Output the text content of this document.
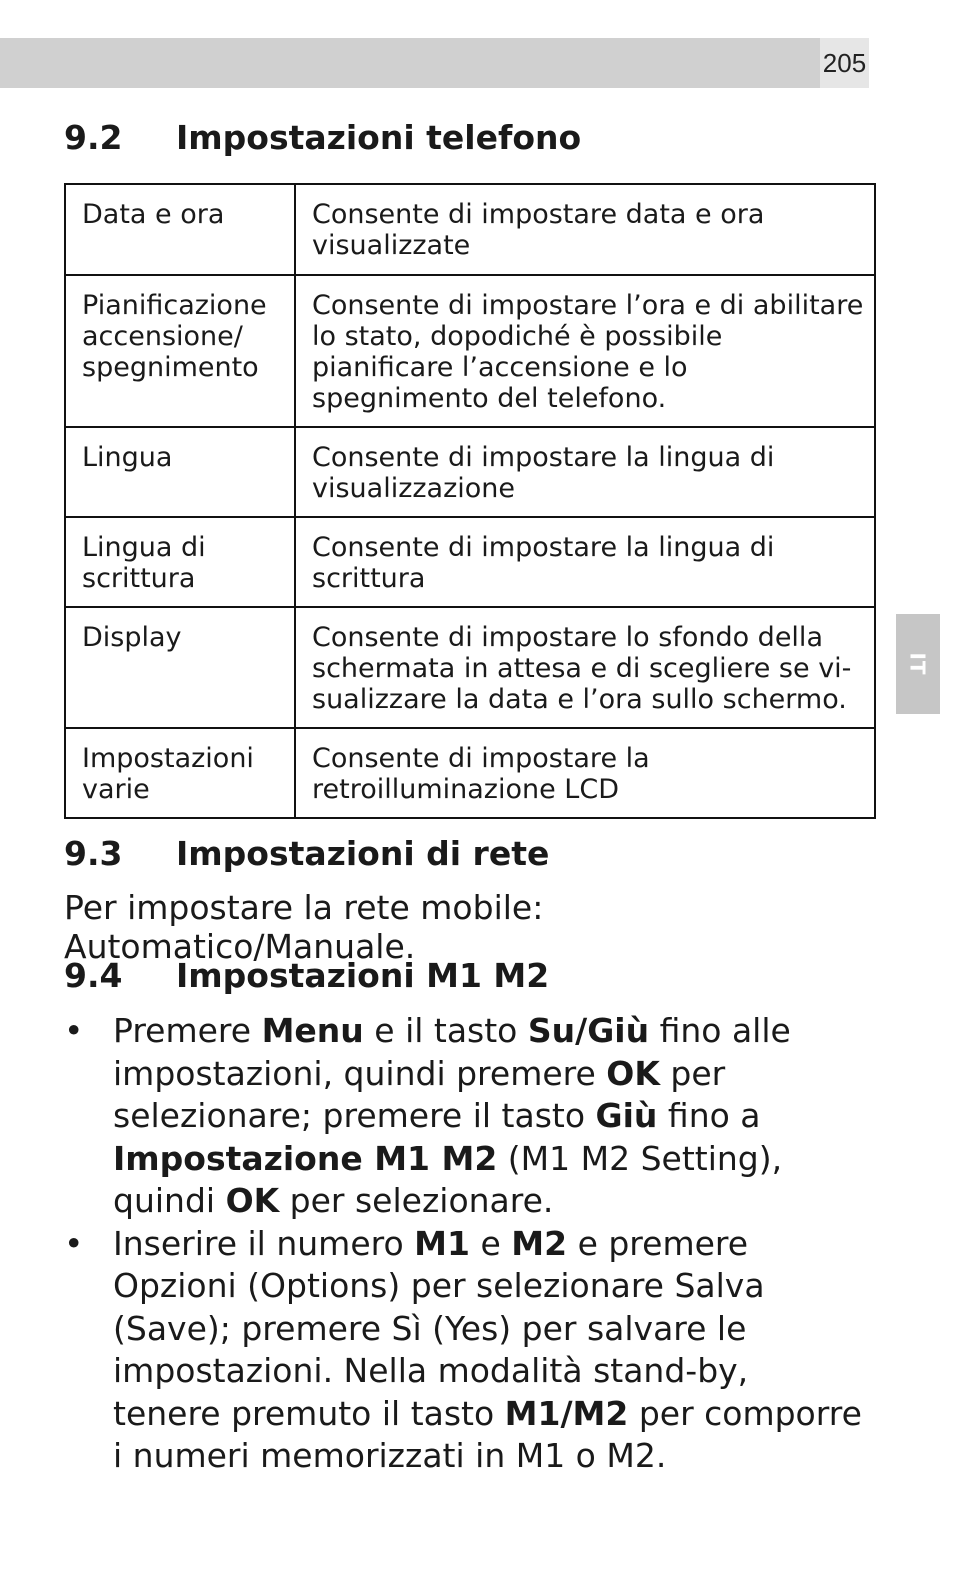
205
IT
9.2 Impostazioni telefono
Data e ora	Consente di impostare data e ora visualizzate
Pianificazione accensione/ spegnimento	Consente di impostare l’ora e di abilitare lo stato, dopodiché è possibile pianificare l’accensione e lo spegnimento del telefono.
Lingua	Consente di impostare la lingua di visualizzazione
Lingua di scrittura	Consente di impostare la lingua di scrittura
Display	Consente di impostare lo sfondo della schermata in attesa e di scegliere se vi-sualizzare la data e l’ora sullo schermo.
Impostazioni varie	Consente di impostare la retroilluminazione LCD
9.3 Impostazioni di rete

Per impostare la rete mobile: Automatico/Manuale.

9.4 Impostazioni M1 M2
• Premere Menu e il tasto Su/Giù fino alle impostazioni, quindi premere OK per selezionare; premere il tasto Giù fino a Impostazione M1 M2 (M1 M2 Setting), quindi OK per selezionare.
• Inserire il numero M1 e M2 e premere Opzioni (Options) per selezionare Salva (Save); premere Sì (Yes) per salvare le impostazioni. Nella modalità stand-by, tenere premuto il tasto M1/M2 per comporre i numeri memorizzati in M1 o M2.
